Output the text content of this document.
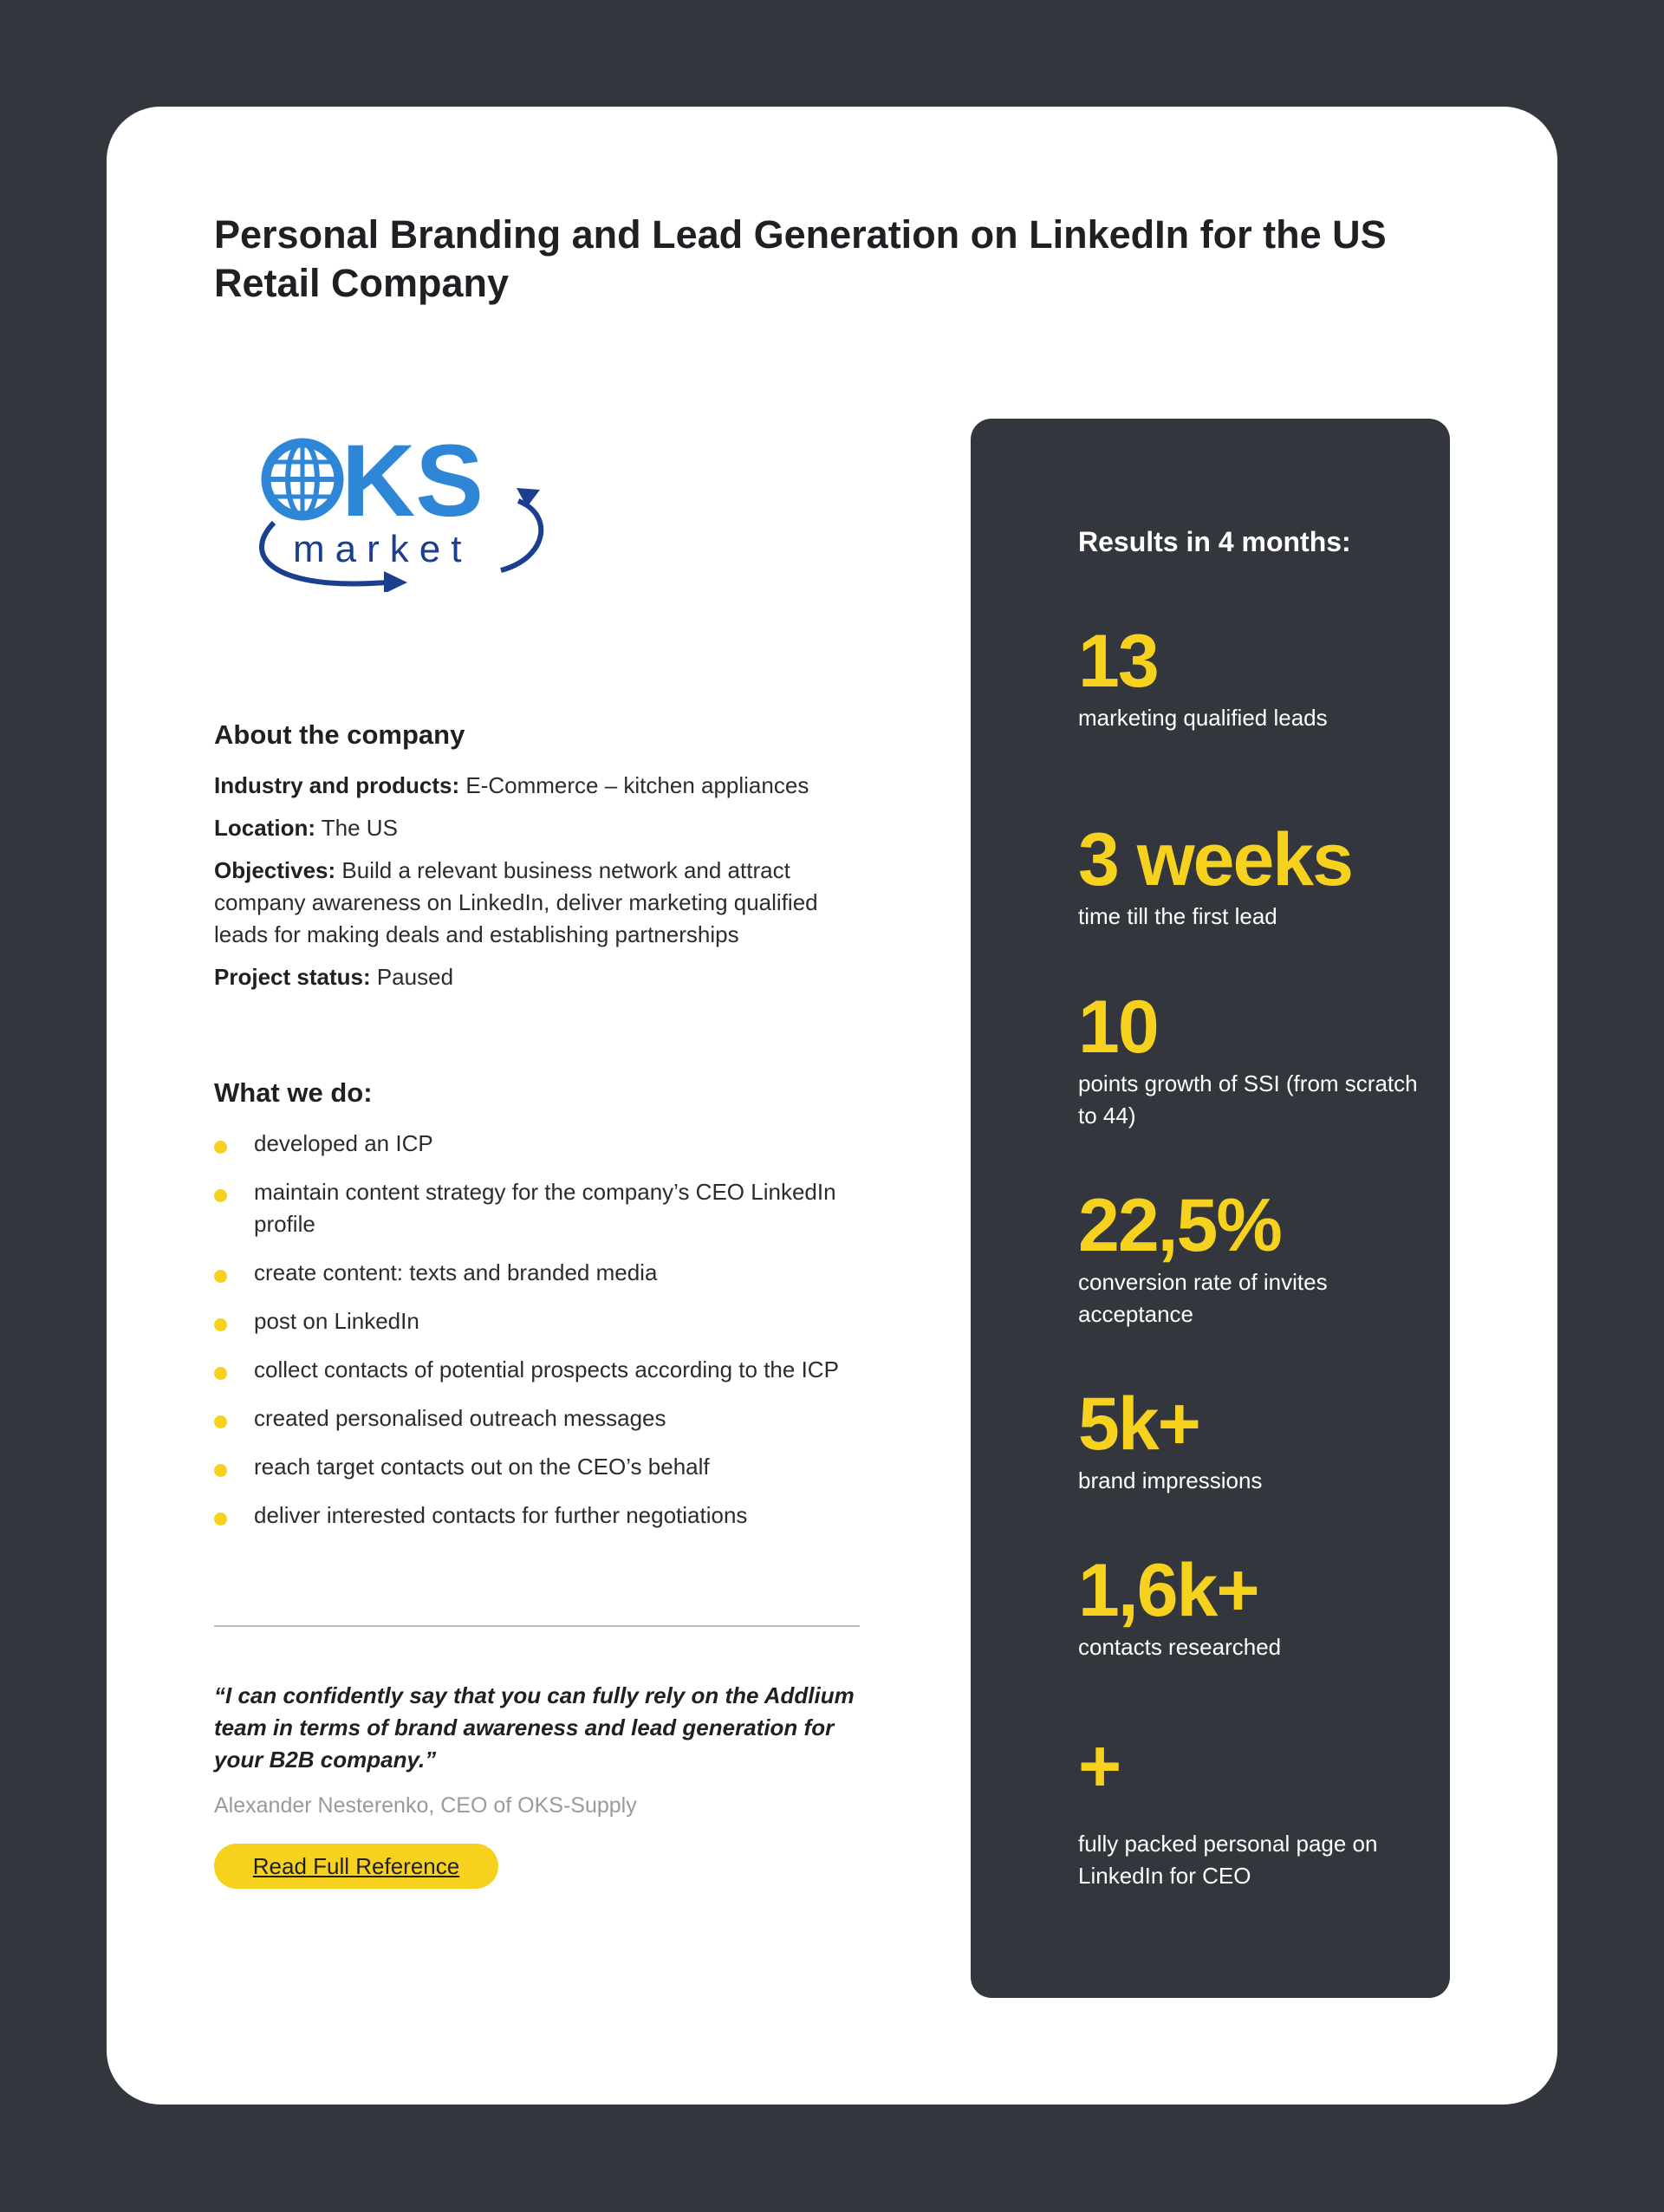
Personal Branding and Lead Generation on LinkedIn for the US Retail Company
KS
market
About the company

Industry and products: E-Commerce – kitchen appliances

Location: The US

Objectives: Build a relevant business network and attract company awareness on LinkedIn, deliver marketing qualified leads for making deals and establishing partnerships

Project status: Paused

What we do:
developed an ICP
maintain content strategy for the company’s CEO LinkedIn profile
create content: texts and branded media
post on LinkedIn
collect contacts of potential prospects according to the ICP
created personalised outreach messages
reach target contacts out on the CEO’s behalf
deliver interested contacts for further negotiations

“I can confidently say that you can fully rely on the Addlium team in terms of brand awareness and lead generation for your B2B company.”

Alexander Nesterenko, CEO of OKS-Supply

Read Full Reference
Results in 4 months:
13
marketing qualified leads
3 weeks
time till the first lead
10
points growth of SSI (from scratch to 44)
22,5%
conversion rate of invites acceptance
5k+
brand impressions
1,6k+
contacts researched
+
fully packed personal page on LinkedIn for CEO
